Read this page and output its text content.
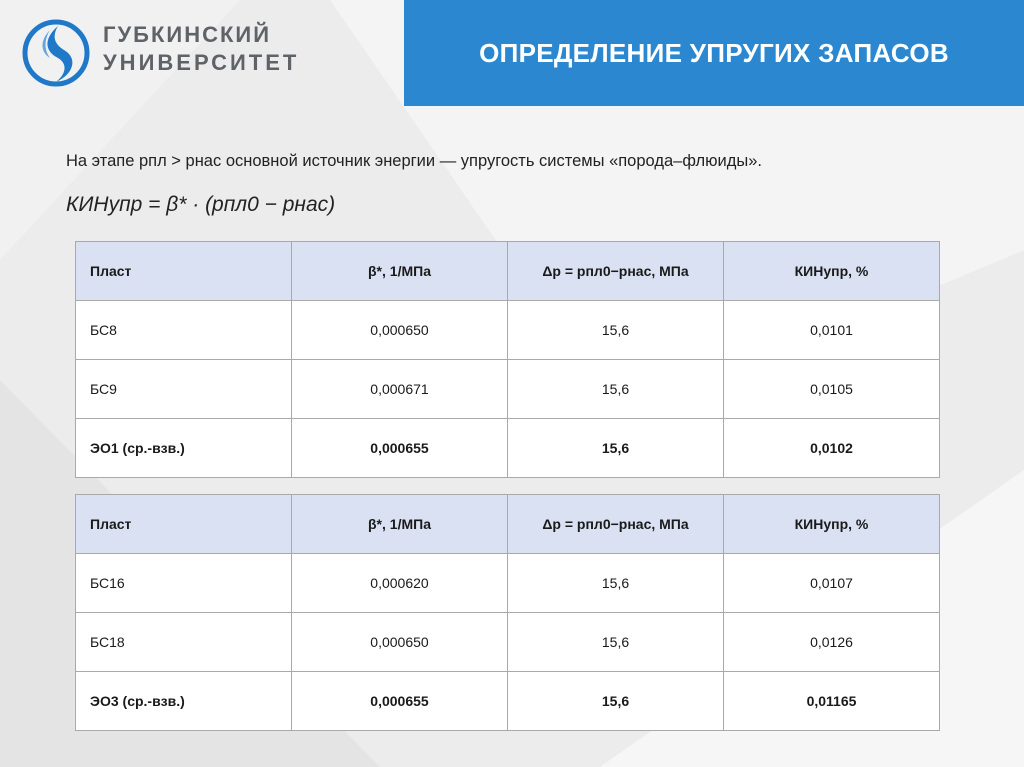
ГУБКИНСКИЙ
УНИВЕРСИТЕТ	ОПРЕДЕЛЕНИЕ УПРУГИХ ЗАПАСОВ
На этапе pпл > pнас основной источник энергии — упругость системы «порода–флюиды».
КИНупр = β* · (pпл0 − pнас)
Пласт	β*, 1/МПа	Δp = pпл0−pнас, МПа	КИНупр, %
БС8	0,000650	15,6	0,0101
БС9	0,000671	15,6	0,0105
ЭО1 (ср.-взв.)	0,000655	15,6	0,0102
Пласт	β*, 1/МПа	Δp = pпл0−pнас, МПа	КИНупр, %
БС16	0,000620	15,6	0,0107
БС18	0,000650	15,6	0,0126
ЭО3 (ср.-взв.)	0,000655	15,6	0,01165
